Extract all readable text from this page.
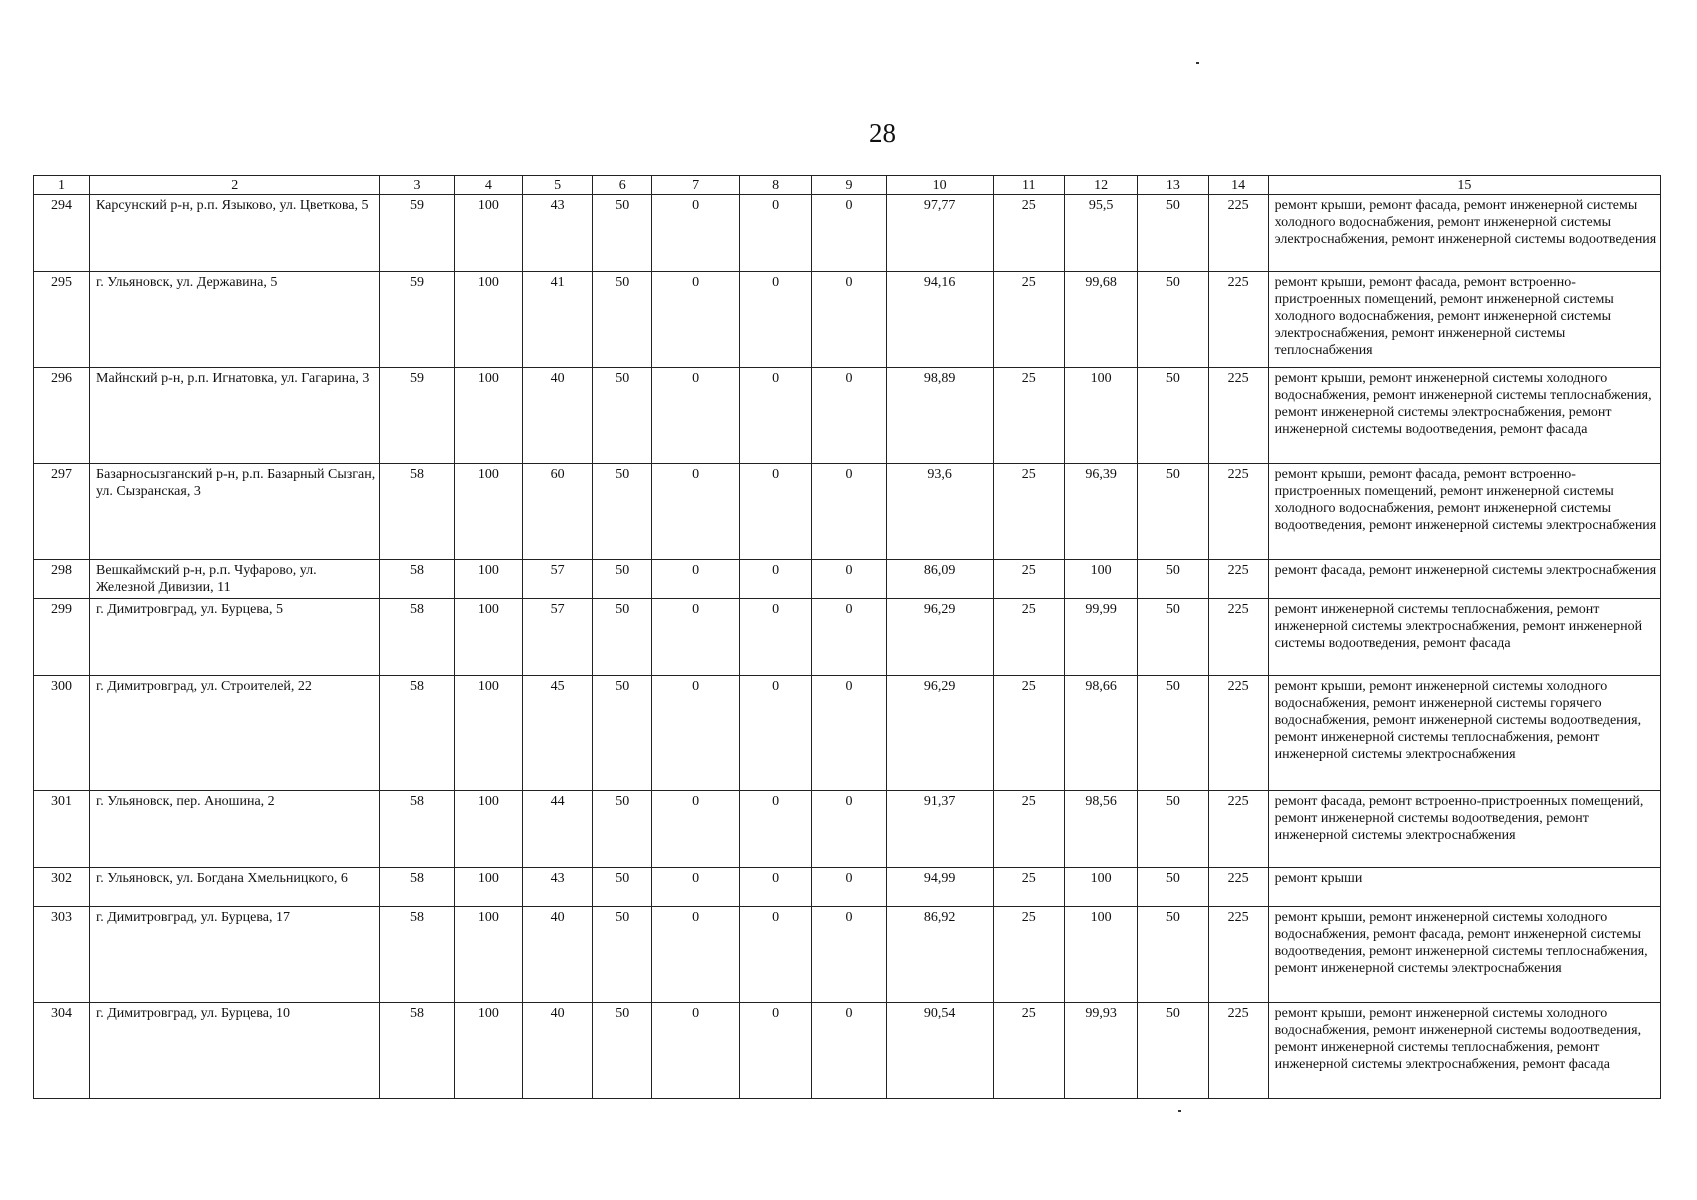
28
1	2	3	4	5	6	7	8	9	10	11	12	13	14	15
294	Карсунский р-н, р.п. Языково, ул. Цветкова, 5	59	100	43	50	0	0	0	97,77	25	95,5	50	225	ремонт крыши, ремонт фасада, ремонт инженерной системы холодного водоснабжения, ремонт инженерной системы электроснабжения, ремонт инженерной системы водоотведения
295	г. Ульяновск, ул. Державина, 5	59	100	41	50	0	0	0	94,16	25	99,68	50	225	ремонт крыши, ремонт фасада, ремонт встроенно-пристроенных помещений, ремонт инженерной системы холодного водоснабжения, ремонт инженерной системы электроснабжения, ремонт инженерной системы теплоснабжения
296	Майнский р-н, р.п. Игнатовка, ул. Гагарина, 3	59	100	40	50	0	0	0	98,89	25	100	50	225	ремонт крыши, ремонт инженерной системы холодного водоснабжения, ремонт инженерной системы теплоснабжения, ремонт инженерной системы электроснабжения, ремонт инженерной системы водоотведения, ремонт фасада
297	Базарносызганский р-н, р.п. Базарный Сызган, ул. Сызранская, 3	58	100	60	50	0	0	0	93,6	25	96,39	50	225	ремонт крыши, ремонт фасада, ремонт встроенно-пристроенных помещений, ремонт инженерной системы холодного водоснабжения, ремонт инженерной системы водоотведения, ремонт инженерной системы электроснабжения
298	Вешкаймский р-н, р.п. Чуфарово, ул. Железной Дивизии, 11	58	100	57	50	0	0	0	86,09	25	100	50	225	ремонт фасада, ремонт инженерной системы электроснабжения
299	г. Димитровград, ул. Бурцева, 5	58	100	57	50	0	0	0	96,29	25	99,99	50	225	ремонт инженерной системы теплоснабжения, ремонт инженерной системы электроснабжения, ремонт инженерной системы водоотведения, ремонт фасада
300	г. Димитровград, ул. Строителей, 22	58	100	45	50	0	0	0	96,29	25	98,66	50	225	ремонт крыши, ремонт инженерной системы холодного водоснабжения, ремонт инженерной системы горячего водоснабжения, ремонт инженерной системы водоотведения, ремонт инженерной системы теплоснабжения, ремонт инженерной системы электроснабжения
301	г. Ульяновск, пер. Аношина, 2	58	100	44	50	0	0	0	91,37	25	98,56	50	225	ремонт фасада, ремонт встроенно-пристроенных помещений, ремонт инженерной системы водоотведения, ремонт инженерной системы электроснабжения
302	г. Ульяновск, ул. Богдана Хмельницкого, 6	58	100	43	50	0	0	0	94,99	25	100	50	225	ремонт крыши
303	г. Димитровград, ул. Бурцева, 17	58	100	40	50	0	0	0	86,92	25	100	50	225	ремонт крыши, ремонт инженерной системы холодного водоснабжения, ремонт фасада, ремонт инженерной системы водоотведения, ремонт инженерной системы теплоснабжения, ремонт инженерной системы электроснабжения
304	г. Димитровград, ул. Бурцева, 10	58	100	40	50	0	0	0	90,54	25	99,93	50	225	ремонт крыши, ремонт инженерной системы холодного водоснабжения, ремонт инженерной системы водоотведения, ремонт инженерной системы теплоснабжения, ремонт инженерной системы электроснабжения, ремонт фасада
